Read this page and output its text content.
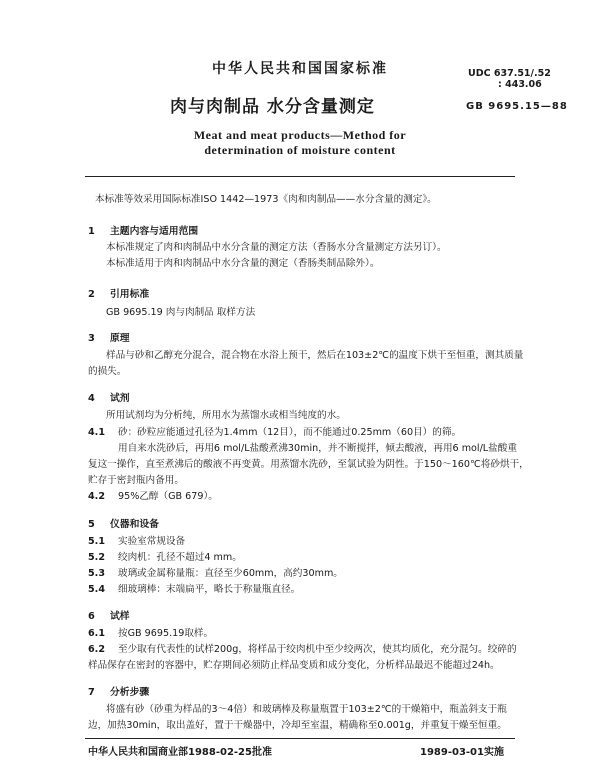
中华人民共和国国家标准	UDC 637.51/.52
: 443.06
肉与肉制品 水分含量测定	GB 9695.15—88
Meat and meat products—Method for
determination of moisture content
本标准等效采用国际标准ISO 1442—1973《肉和肉制品——水分含量的测定》。
1 主题内容与适用范围
本标准规定了肉和肉制品中水分含量的测定方法（香肠水分含量测定方法另订）。
本标准适用于肉和肉制品中水分含量的测定（香肠类制品除外）。
2 引用标准
GB 9695.19 肉与肉制品 取样方法
3 原理
样品与砂和乙醇充分混合，混合物在水浴上预干，然后在103±2℃的温度下烘干至恒重，测其质量
的损失。
4 试剂
所用试剂均为分析纯，所用水为蒸馏水或相当纯度的水。
4.1 砂：砂粒应能通过孔径为1.4mm（12目），而不能通过0.25mm（60目）的筛。
用自来水洗砂后，再用6 mol/L盐酸煮沸30min，并不断搅拌，倾去酸液，再用6 mol/L盐酸重
复这一操作，直至煮沸后的酸液不再变黄。用蒸馏水洗砂，至氯试验为阴性。于150～160℃将砂烘干，
贮存于密封瓶内备用。
4.2 95%乙醇（GB 679）。
5 仪器和设备
5.1 实验室常规设备
5.2 绞肉机：孔径不超过4 mm。
5.3 玻璃或金属称量瓶：直径至少60mm，高约30mm。
5.4 细玻璃棒：末端扁平，略长于称量瓶直径。
6 试样
6.1 按GB 9695.19取样。
6.2 至少取有代表性的试样200g，将样品于绞肉机中至少绞两次，使其均质化，充分混匀。绞碎的
样品保存在密封的容器中，贮存期间必须防止样品变质和成分变化，分析样品最迟不能超过24h。
7 分析步骤
将盛有砂（砂重为样品的3～4倍）和玻璃棒及称量瓶置于103±2℃的干燥箱中，瓶盖斜支于瓶
边，加热30min，取出盖好，置于干燥器中，冷却至室温，精确称至0.001g，并重复干燥至恒重。
中华人民共和国商业部1988-02-25批准	1989-03-01实施
